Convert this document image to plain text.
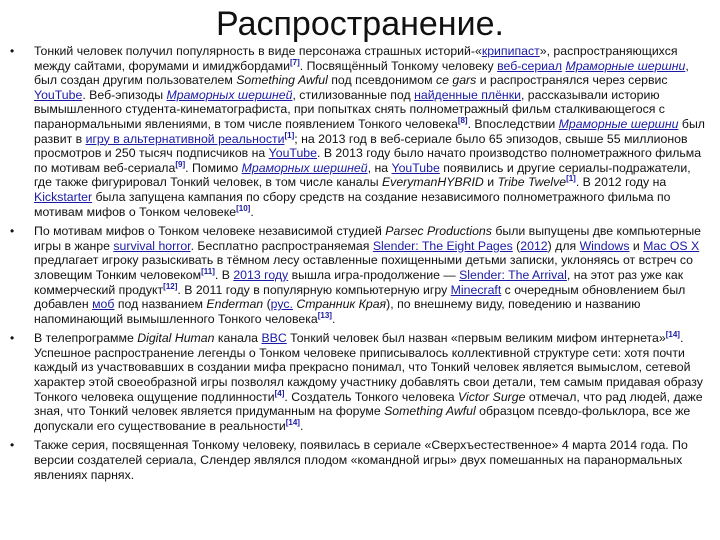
Распространение.
• Тонкий человек получил популярность в виде персонажа страшных историй-«крипипаст», распространяющихся между сайтами, форумами и имиджбордами[7]. Посвящённый Тонкому человеку веб-сериал Мраморные шершни, был создан другим пользователем Something Awful под псевдонимом ce gars и распространялся через сервис YouTube. Веб-эпизоды Мраморных шершней, стилизованные под найденные плёнки, рассказывали историю вымышленного студента-кинематографиста, при попытках снять полнометражный фильм сталкивающегося с паранормальными явлениями, в том числе появлением Тонкого человека[8]. Впоследствии Мраморные шершни был развит в игру в альтернативной реальности[1]; на 2013 год в веб-сериале было 65 эпизодов, свыше 55 миллионов просмотров и 250 тысяч подписчиков на YouTube. В 2013 году было начато производство полнометражного фильма по мотивам веб-сериала[9]. Помимо Мраморных шершней, на YouTube появились и другие сериалы-подражатели, где также фигурировал Тонкий человек, в том числе каналы EverymanHYBRID и Tribe Twelve[1]. В 2012 году на Kickstarter была запущена кампания по сбору средств на создание независимого полнометражного фильма по мотивам мифов о Тонком человеке[10].
• По мотивам мифов о Тонком человеке независимой студией Parsec Productions были выпущены две компьютерные игры в жанре survival horror. Бесплатно распространяемая Slender: The Eight Pages (2012) для Windows и Mac OS X предлагает игроку разыскивать в тёмном лесу оставленные похищенными детьми записки, уклоняясь от встреч со зловещим Тонким человеком[11]. В 2013 году вышла игра-продолжение — Slender: The Arrival, на этот раз уже как коммерческий продукт[12]. В 2011 году в популярную компьютерную игру Minecraft с очередным обновлением был добавлен моб под названием Enderman (рус. Странник Края), по внешнему виду, поведению и названию напоминающий вымышленного Тонкого человека[13].
• В телепрограмме Digital Human канала BBC Тонкий человек был назван «первым великим мифом интернета»[14]. Успешное распространение легенды о Тонком человеке приписывалось коллективной структуре сети: хотя почти каждый из участвовавших в создании мифа прекрасно понимал, что Тонкий человек является вымыслом, сетевой характер этой своеобразной игры позволял каждому участнику добавлять свои детали, тем самым придавая образу Тонкого человека ощущение подлинности[4]. Создатель Тонкого человека Victor Surge отмечал, что рад людей, даже зная, что Тонкий человек является придуманным на форуме Something Awful образцом псевдо-фольклора, все же допускали его существование в реальности[14].
• Также серия, посвященная Тонкому человеку, появилась в сериале «Сверхъестественное» 4 марта 2014 года. По версии создателей сериала, Слендер являлся плодом «командной игры» двух помешанных на паранормальных явлениях парнях.
